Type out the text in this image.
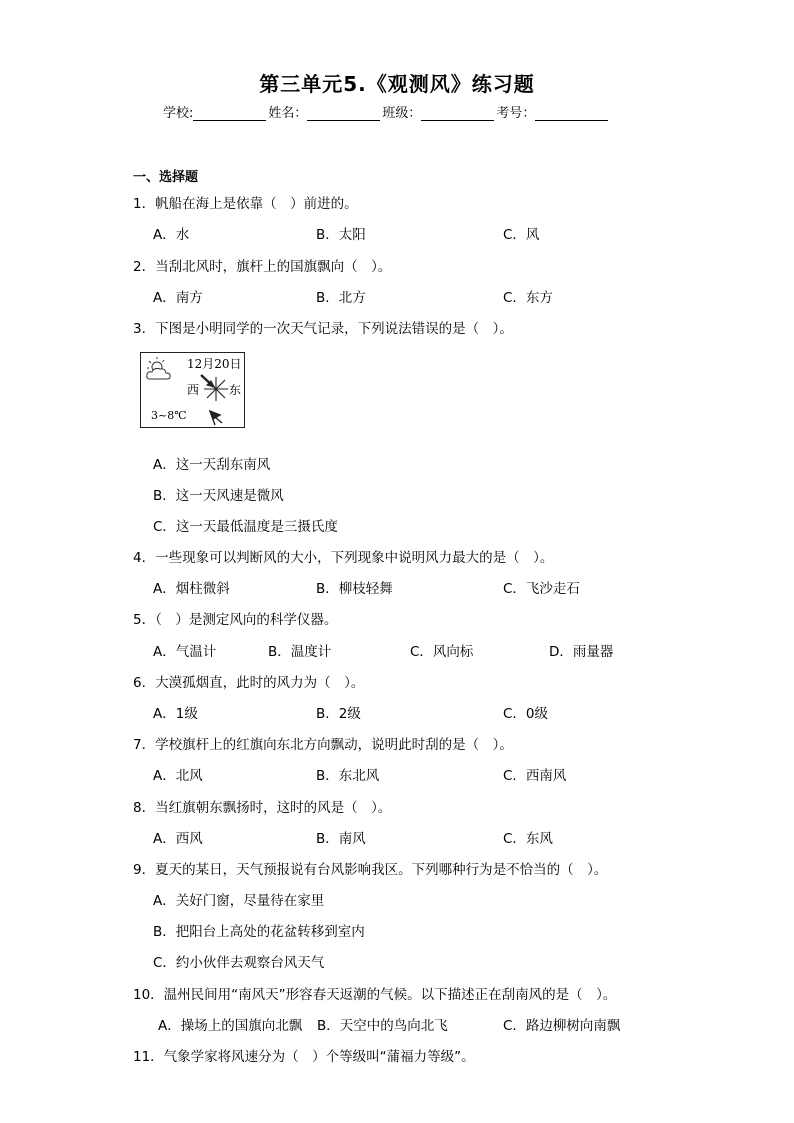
第三单元5.《观测风》练习题
学校:	姓名：	班级：	考号：
一、选择题
1．帆船在海上是依靠（　）前进的。
A．水	B．太阳	C．风
2．当刮北风时，旗杆上的国旗飘向（　）。
A．南方	B．北方	C．东方
3．下图是小明同学的一次天气记录，下列说法错误的是（　）。
12月20日
西 东
3~8℃
A．这一天刮东南风
B．这一天风速是微风
C．这一天最低温度是三摄氏度
4．一些现象可以判断风的大小，下列现象中说明风力最大的是（　）。
A．烟柱微斜	B．柳枝轻舞	C．飞沙走石
5．（　）是测定风向的科学仪器。
A．气温计	B．温度计	C．风向标	D．雨量器
6．大漠孤烟直，此时的风力为（　）。
A．1级	B．2级	C．0级
7．学校旗杆上的红旗向东北方向飘动，说明此时刮的是（　）。
A．北风	B．东北风	C．西南风
8．当红旗朝东飘扬时，这时的风是（　）。
A．西风	B．南风	C．东风
9．夏天的某日，天气预报说有台风影响我区。下列哪种行为是不恰当的（　）。
A．关好门窗，尽量待在家里
B．把阳台上高处的花盆转移到室内
C．约小伙伴去观察台风天气
10．温州民间用“南风天”形容春天返潮的气候。以下描述正在刮南风的是（　）。
A．操场上的国旗向北飘 B．天空中的鸟向北飞	C．路边柳树向南飘
11．气象学家将风速分为（　）个等级叫“蒲福力等级”。
